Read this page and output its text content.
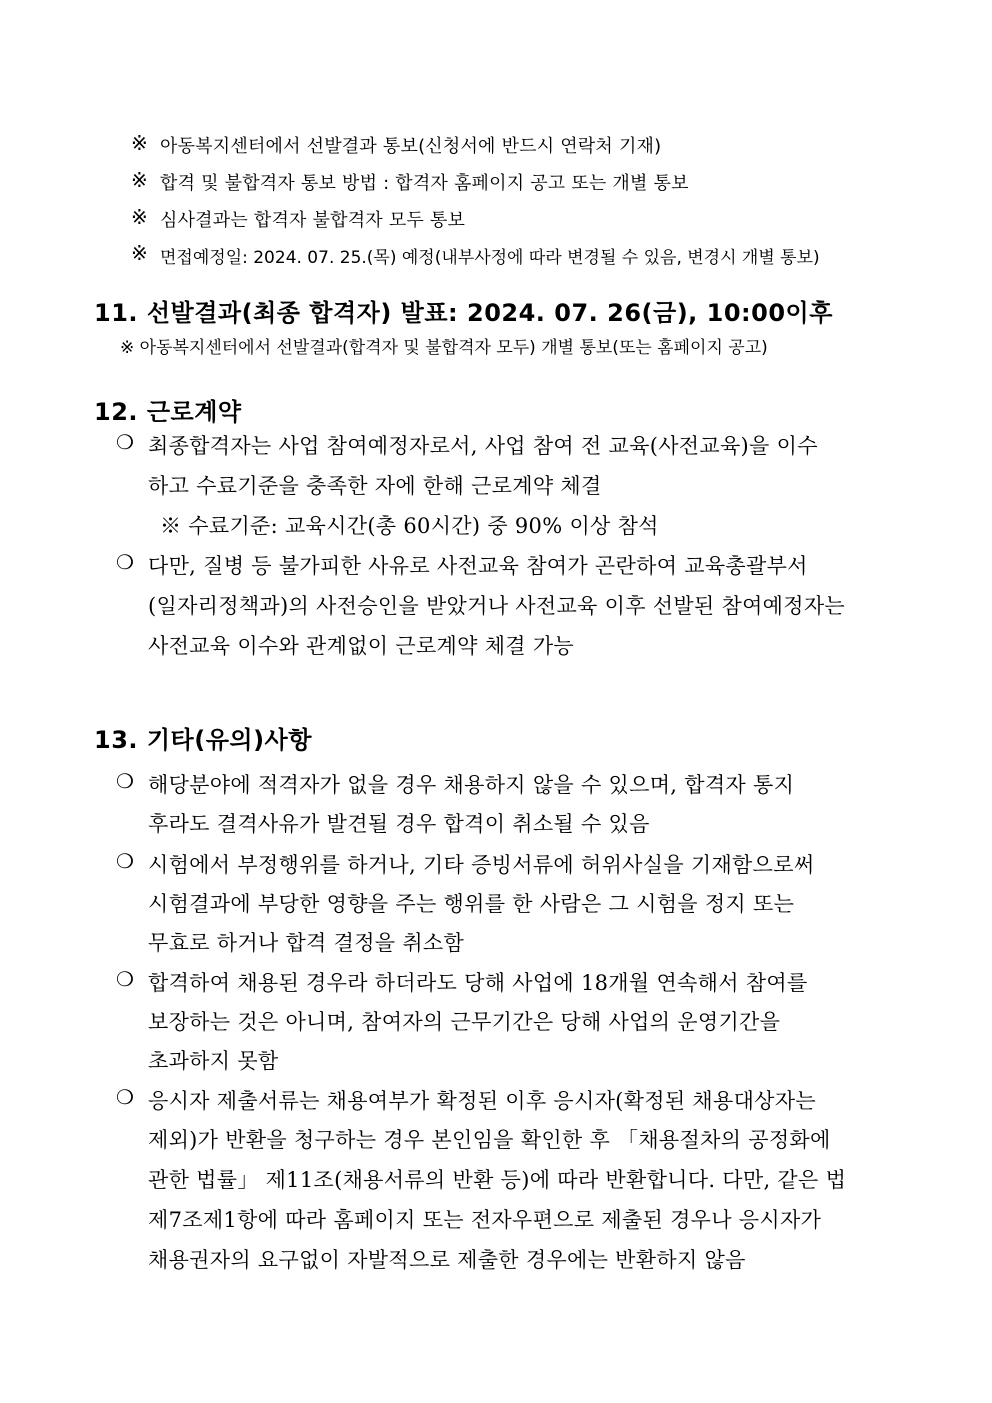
※ 아동복지센터에서 선발결과 통보(신청서에 반드시 연락처 기재)
※ 합격 및 불합격자 통보 방법 : 합격자 홈페이지 공고 또는 개별 통보
※ 심사결과는 합격자 불합격자 모두 통보
※ 면접예정일: 2024. 07. 25.(목) 예정(내부사정에 따라 변경될 수 있음, 변경시 개별 통보)
11. 선발결과(최종 합격자) 발표: 2024. 07. 26(금), 10:00이후
※ 아동복지센터에서 선발결과(합격자 및 불합격자 모두) 개별 통보(또는 홈페이지 공고)
12. 근로계약
❍ 최종합격자는 사업 참여예정자로서, 사업 참여 전 교육(사전교육)을 이수
하고 수료기준을 충족한 자에 한해 근로계약 체결
※ 수료기준: 교육시간(총 60시간) 중 90% 이상 참석
❍ 다만, 질병 등 불가피한 사유로 사전교육 참여가 곤란하여 교육총괄부서
(일자리정책과)의 사전승인을 받았거나 사전교육 이후 선발된 참여예정자는
사전교육 이수와 관계없이 근로계약 체결 가능
13. 기타(유의)사항
❍ 해당분야에 적격자가 없을 경우 채용하지 않을 수 있으며, 합격자 통지
후라도 결격사유가 발견될 경우 합격이 취소될 수 있음
❍ 시험에서 부정행위를 하거나, 기타 증빙서류에 허위사실을 기재함으로써
시험결과에 부당한 영향을 주는 행위를 한 사람은 그 시험을 정지 또는
무효로 하거나 합격 결정을 취소함
❍ 합격하여 채용된 경우라 하더라도 당해 사업에 18개월 연속해서 참여를
보장하는 것은 아니며, 참여자의 근무기간은 당해 사업의 운영기간을
초과하지 못함
❍ 응시자 제출서류는 채용여부가 확정된 이후 응시자(확정된 채용대상자는
제외)가 반환을 청구하는 경우 본인임을 확인한 후 「채용절차의 공정화에
관한 법률」 제11조(채용서류의 반환 등)에 따라 반환합니다. 다만, 같은 법
제7조제1항에 따라 홈페이지 또는 전자우편으로 제출된 경우나 응시자가
채용권자의 요구없이 자발적으로 제출한 경우에는 반환하지 않음
